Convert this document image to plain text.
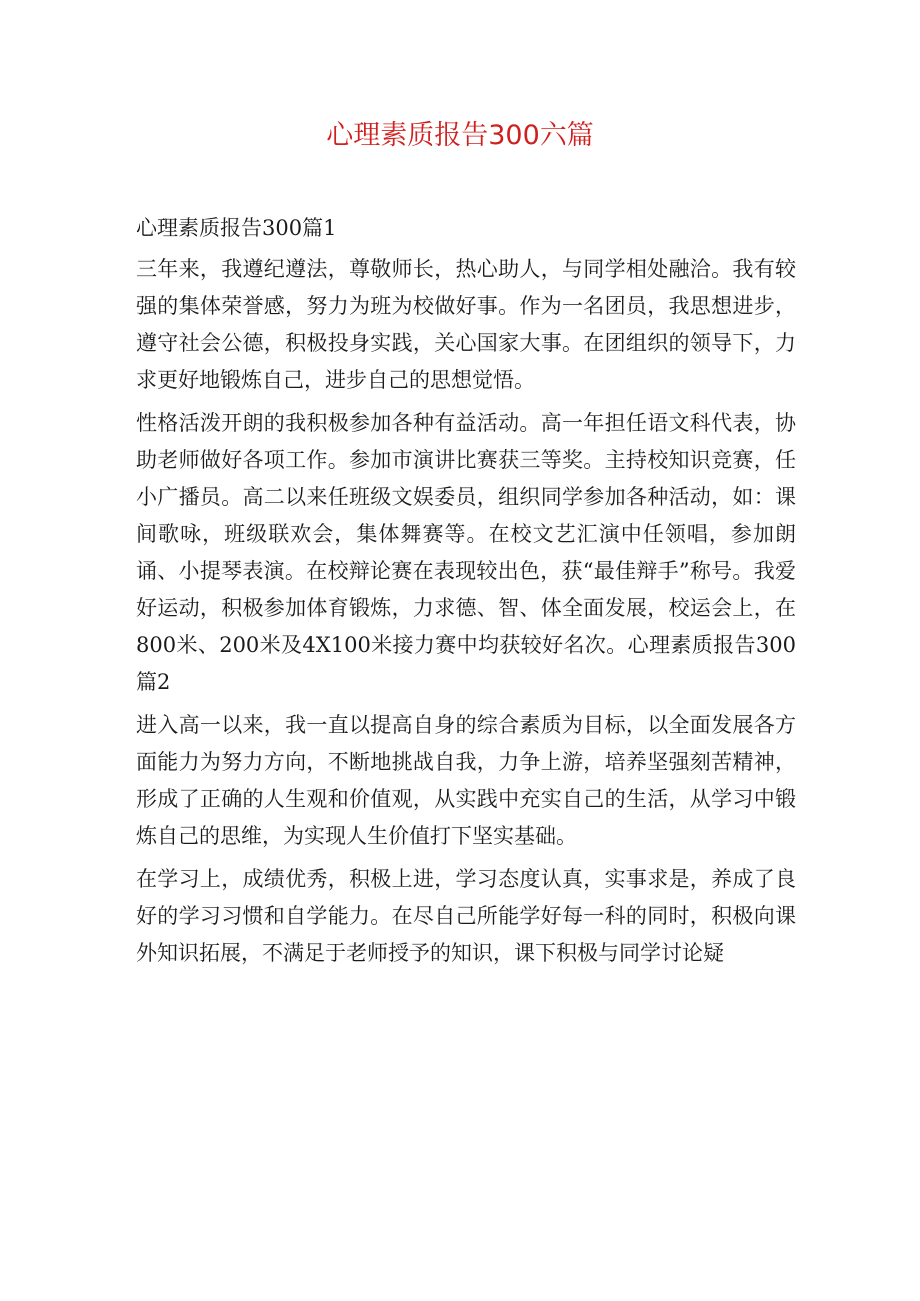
心理素质报告300六篇

心理素质报告300篇1

三年来，我遵纪遵法，尊敬师长，热心助人，与同学相处融洽。我有较强的集体荣誉感，努力为班为校做好事。作为一名团员，我思想进步，遵守社会公德，积极投身实践，关心国家大事。在团组织的领导下，力求更好地锻炼自己，进步自己的思想觉悟。

性格活泼开朗的我积极参加各种有益活动。高一年担任语文科代表，协助老师做好各项工作。参加市演讲比赛获三等奖。主持校知识竞赛，任小广播员。高二以来任班级文娱委员，组织同学参加各种活动，如：课间歌咏，班级联欢会，集体舞赛等。在校文艺汇演中任领唱，参加朗诵、小提琴表演。在校辩论赛在表现较出色，获“最佳辩手”称号。我爱好运动，积极参加体育锻炼，力求德、智、体全面发展，校运会上，在800米、200米及4X100米接力赛中均获较好名次。心理素质报告300篇2

进入高一以来，我一直以提高自身的综合素质为目标，以全面发展各方面能力为努力方向，不断地挑战自我，力争上游，培养坚强刻苦精神，形成了正确的人生观和价值观，从实践中充实自己的生活，从学习中锻炼自己的思维，为实现人生价值打下坚实基础。

在学习上，成绩优秀，积极上进，学习态度认真，实事求是，养成了良好的学习习惯和自学能力。在尽自己所能学好每一科的同时，积极向课外知识拓展，不满足于老师授予的知识，课下积极与同学讨论疑
